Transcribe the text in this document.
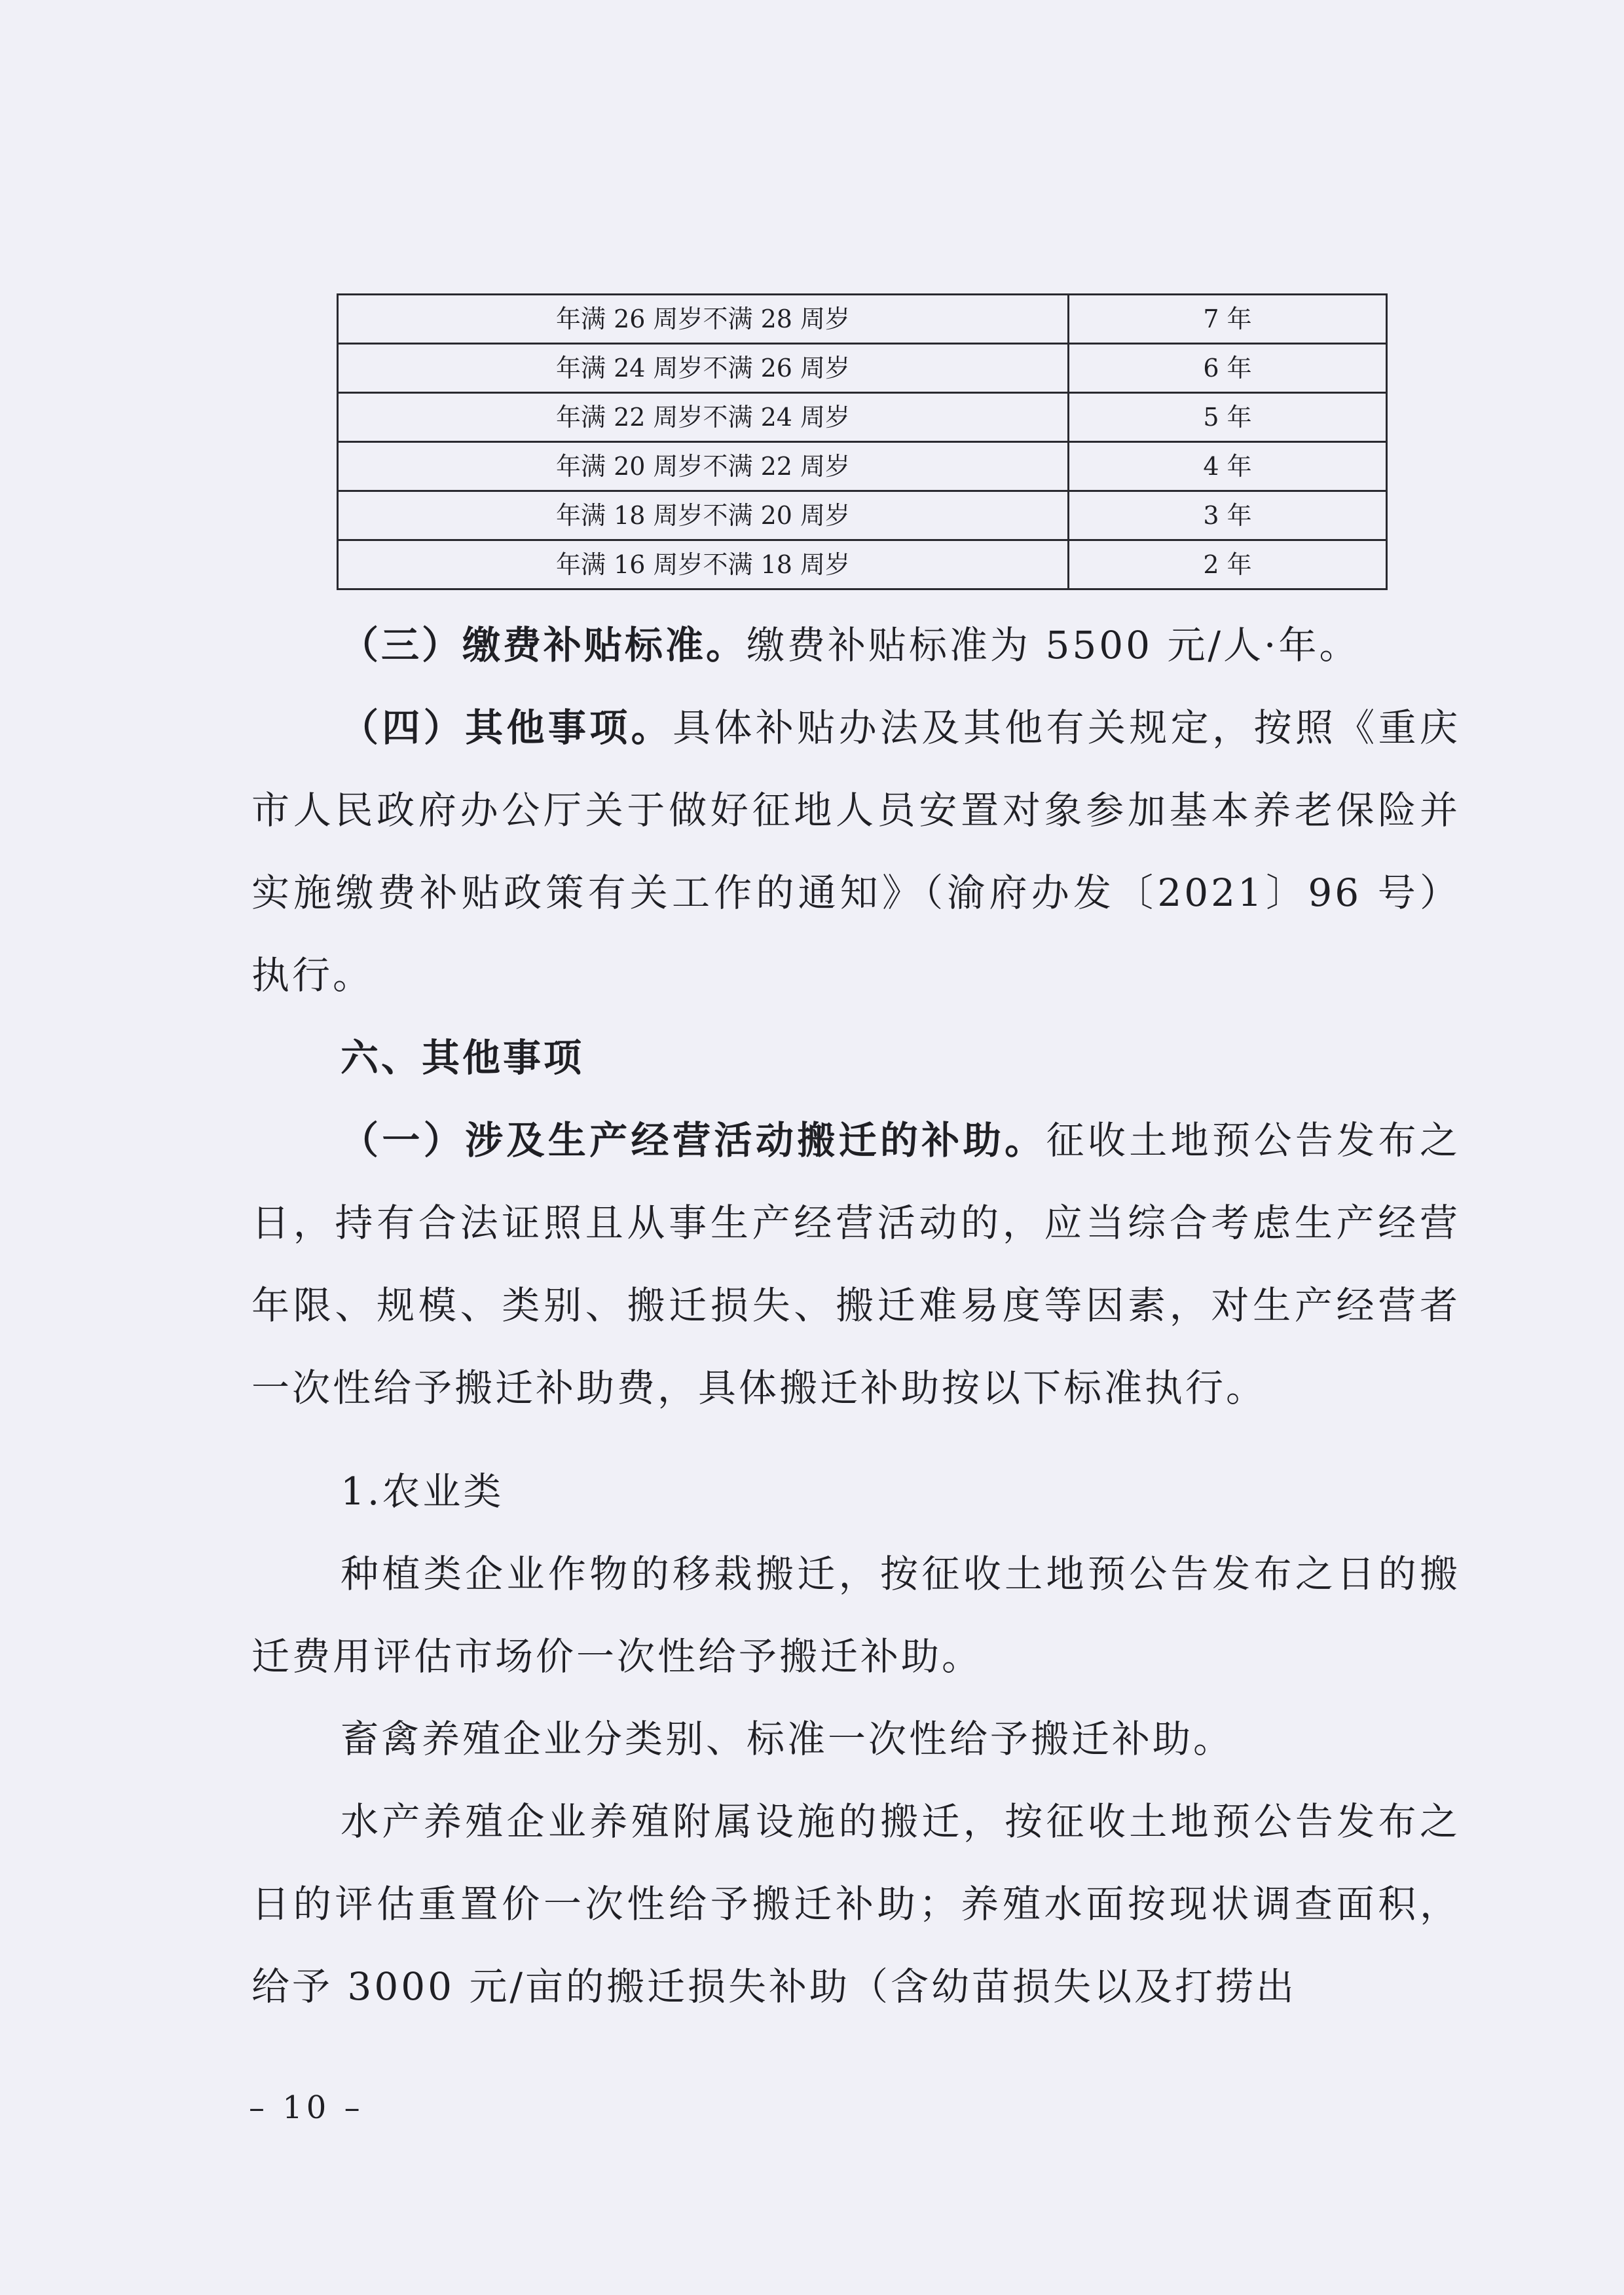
年满 26 周岁不满 28 周岁	7 年
年满 24 周岁不满 26 周岁	6 年
年满 22 周岁不满 24 周岁	5 年
年满 20 周岁不满 22 周岁	4 年
年满 18 周岁不满 20 周岁	3 年
年满 16 周岁不满 18 周岁	2 年

（三）缴费补贴标准。缴费补贴标准为 5500 元/人·年。

（四）其他事项。具体补贴办法及其他有关规定，按照《重庆市人民政府办公厅关于做好征地人员安置对象参加基本养老保险并实施缴费补贴政策有关工作的通知》（渝府办发〔2021〕96 号）执行。

六、其他事项

（一）涉及生产经营活动搬迁的补助。征收土地预公告发布之日，持有合法证照且从事生产经营活动的，应当综合考虑生产经营年限、规模、类别、搬迁损失、搬迁难易度等因素，对生产经营者一次性给予搬迁补助费，具体搬迁补助按以下标准执行。

1.农业类

种植类企业作物的移栽搬迁，按征收土地预公告发布之日的搬迁费用评估市场价一次性给予搬迁补助。

畜禽养殖企业分类别、标准一次性给予搬迁补助。

水产养殖企业养殖附属设施的搬迁，按征收土地预公告发布之日的评估重置价一次性给予搬迁补助；养殖水面按现状调查面积，给予 3000 元/亩的搬迁损失补助（含幼苗损失以及打捞出

– 10 –
